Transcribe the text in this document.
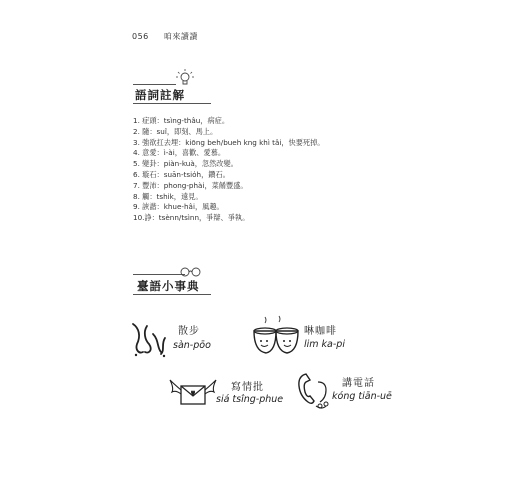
056 咱來讀讀
語詞註解
1. 症頭：tsìng-thâu，病症。
2. 隨：suî，即刻、馬上。
3. 強欲扛去埋：kiōng beh/bueh kng khì tâi，快要死掉。
4. 意愛：ì-ài，喜歡、愛慕。
5. 變卦：piàn-kuà，忽然改變。
6. 璇石：suān-tsio̍h，鑽石。
7. 豐沛：phong-phài，菜餚豐盛。
8. 觸：tshik，遠見。
9. 詼諧：khue-hâi，風趣。
10.諍：tsènn/tsìnn，爭辯、爭執。
臺語小事典
散步
sàn-pōo
啉咖啡
lim ka-pi
寫情批
siá tsîng-phue
講電話
kóng tiān-uē
